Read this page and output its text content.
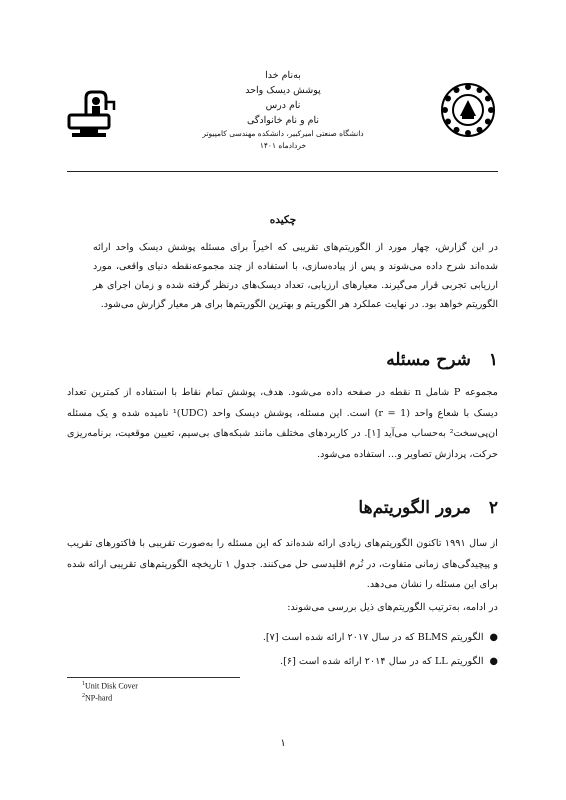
به‌نام خدا
پوشش دیسک واحد
نام درس
نام و نام خانوادگی
دانشگاه صنعتی امیرکبیر، دانشکده مهندسی کامپیوتر
خرداد‌ماه ۱۴۰۱
چکیده
در این گزارش، چهار مورد از الگوریتم‌های تقریبی که اخیراً برای مسئله پوشش دیسک واحد ارائه شده‌اند شرح داده می‌شوند و پس از پیاده‌سازی، با استفاده از چند مجموعه‌نقطه دنیای واقعی، مورد ارزیابی تجربی قرار می‌گیرند. معیارهای ارزیابی، تعداد دیسک‌های درنظر گرفته شده و زمان اجرای هر الگوریتم خواهد بود. در نهایت عملکرد هر الگوریتم و بهترین الگوریتم‌ها برای هر معیار گزارش می‌شود.
۱شرح مسئله
مجموعه P شامل n نقطه در صفحه داده می‌شود. هدف، پوشش تمام نقاط با استفاده از کمترین تعداد دیسک با شعاع واحد (r = 1) است. این مسئله، پوشش دیسک واحد (UDC)¹ نامیده شده و یک مسئله ان‌پی‌سخت² به‌حساب می‌آید [۱]. در کاربردهای مختلف مانند شبکه‌های بی‌سیم، تعیین موقعیت، برنامه‌ریزی حرکت، پردازش تصاویر و... استفاده می‌شود.
۲مرور الگوریتم‌ها
از سال ۱۹۹۱ تاکنون الگوریتم‌های زیادی ارائه شده‌اند که این مسئله را به‌صورت تقریبی با فاکتورهای تقریب و پیچیدگی‌های زمانی متفاوت، در نُرم اقلیدسی حل می‌کنند. جدول ۱ تاریخچه الگوریتم‌های تقریبی ارائه شده برای این مسئله را نشان می‌دهد.
در ادامه، به‌ترتیب الگوریتم‌های ذیل بررسی می‌شوند:
●الگوریتم BLMS که در سال ۲۰۱۷ ارائه شده است [۷].
●الگوریتم LL که در سال ۲۰۱۴ ارائه شده است [۶].
$^1$Unit Disk Cover
$^2$NP-hard
۱
